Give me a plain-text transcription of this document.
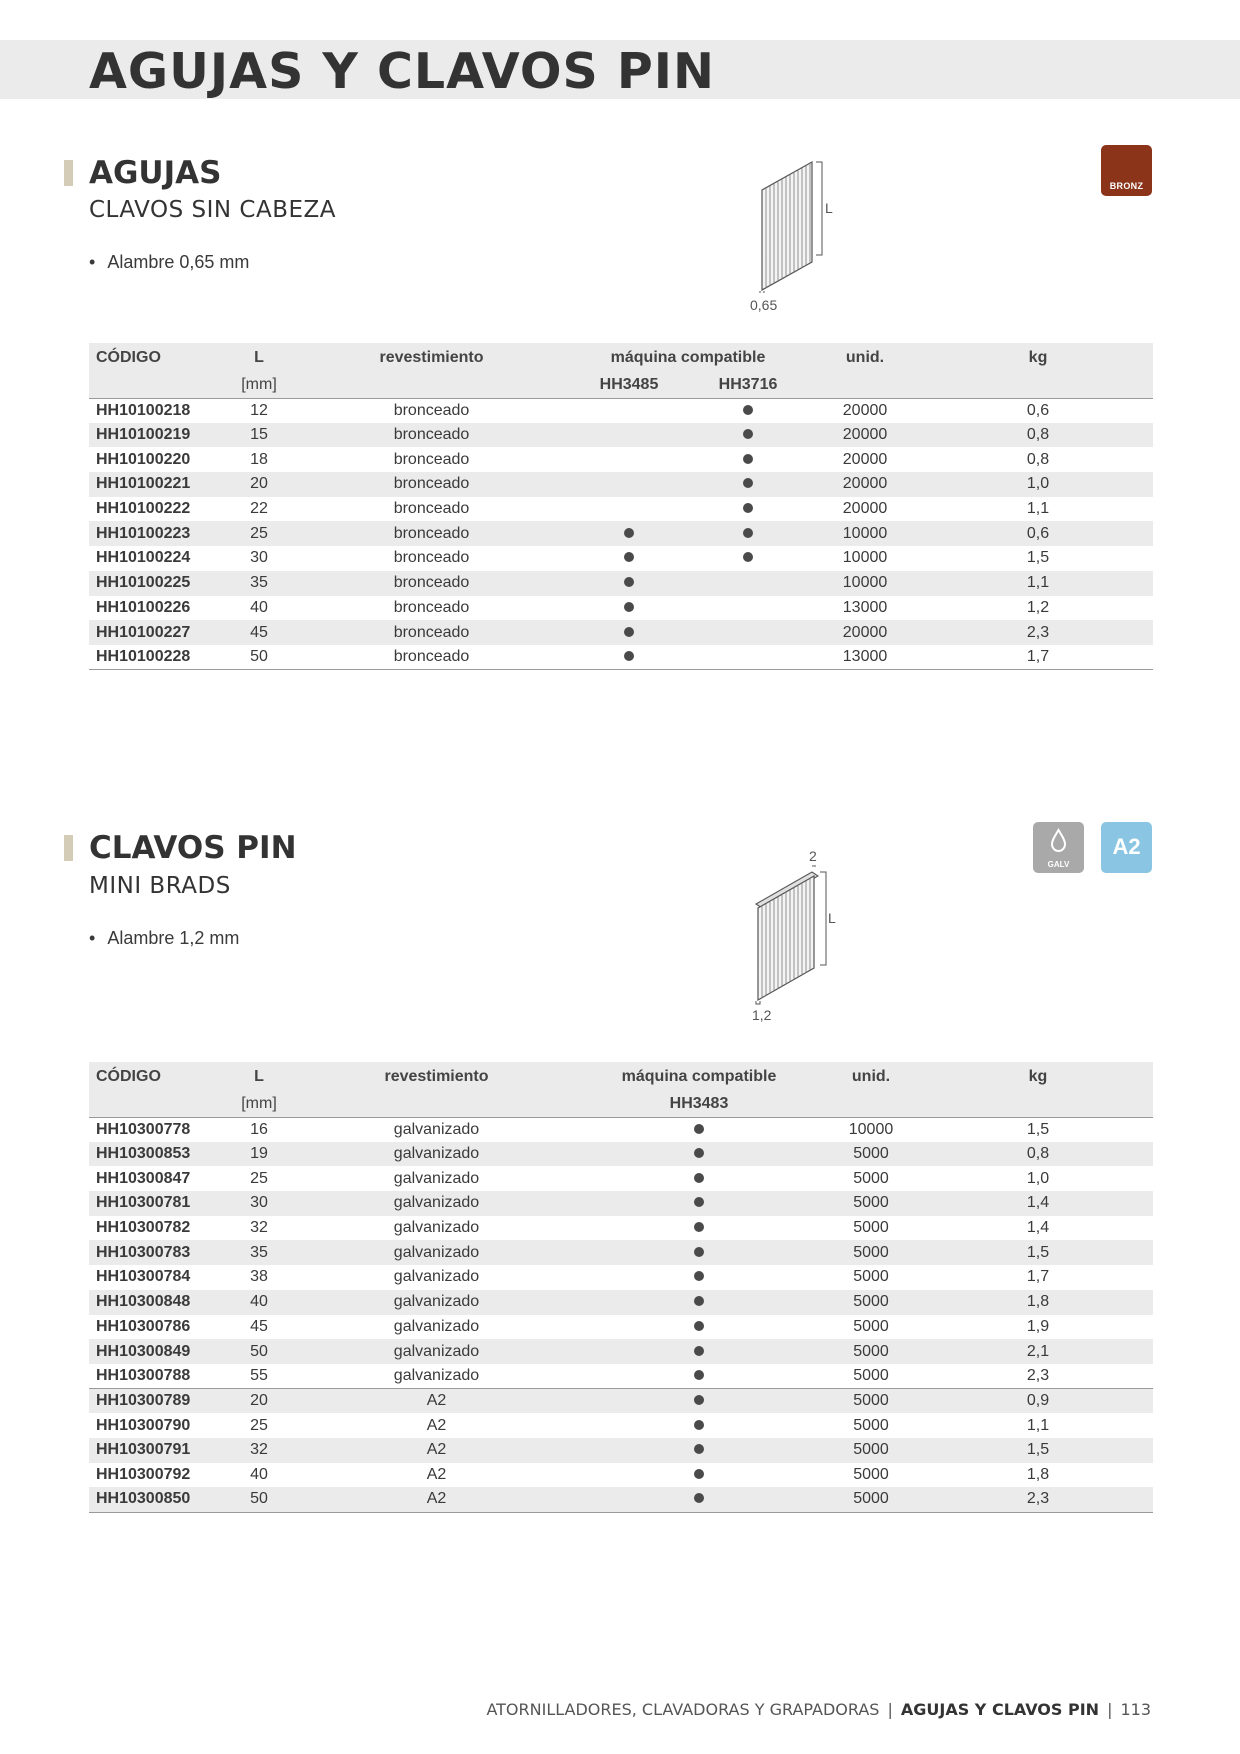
AGUJAS Y CLAVOS PIN
AGUJAS
CLAVOS SIN CABEZA
• Alambre 0,65 mm
BRONZ
L
0,65
CÓDIGO	L	revestimiento	máquina compatible		unid.	kg
	[mm]		HH3485	HH3716		
HH10100218	12	bronceado			20000	0,6
HH10100219	15	bronceado			20000	0,8
HH10100220	18	bronceado			20000	0,8
HH10100221	20	bronceado			20000	1,0
HH10100222	22	bronceado			20000	1,1
HH10100223	25	bronceado			10000	0,6
HH10100224	30	bronceado			10000	1,5
HH10100225	35	bronceado			10000	1,1
HH10100226	40	bronceado			13000	1,2
HH10100227	45	bronceado			20000	2,3
HH10100228	50	bronceado			13000	1,7
CLAVOS PIN
MINI BRADS
• Alambre 1,2 mm
GALV
A2
2
L
1,2
CÓDIGO	L	revestimiento	máquina compatible	unid.	kg
	[mm]		HH3483		
HH10300778	16	galvanizado		10000	1,5
HH10300853	19	galvanizado		5000	0,8
HH10300847	25	galvanizado		5000	1,0
HH10300781	30	galvanizado		5000	1,4
HH10300782	32	galvanizado		5000	1,4
HH10300783	35	galvanizado		5000	1,5
HH10300784	38	galvanizado		5000	1,7
HH10300848	40	galvanizado		5000	1,8
HH10300786	45	galvanizado		5000	1,9
HH10300849	50	galvanizado		5000	2,1
HH10300788	55	galvanizado		5000	2,3
HH10300789	20	A2		5000	0,9
HH10300790	25	A2		5000	1,1
HH10300791	32	A2		5000	1,5
HH10300792	40	A2		5000	1,8
HH10300850	50	A2		5000	2,3
ATORNILLADORES, CLAVADORAS Y GRAPADORAS | AGUJAS Y CLAVOS PIN | 113
